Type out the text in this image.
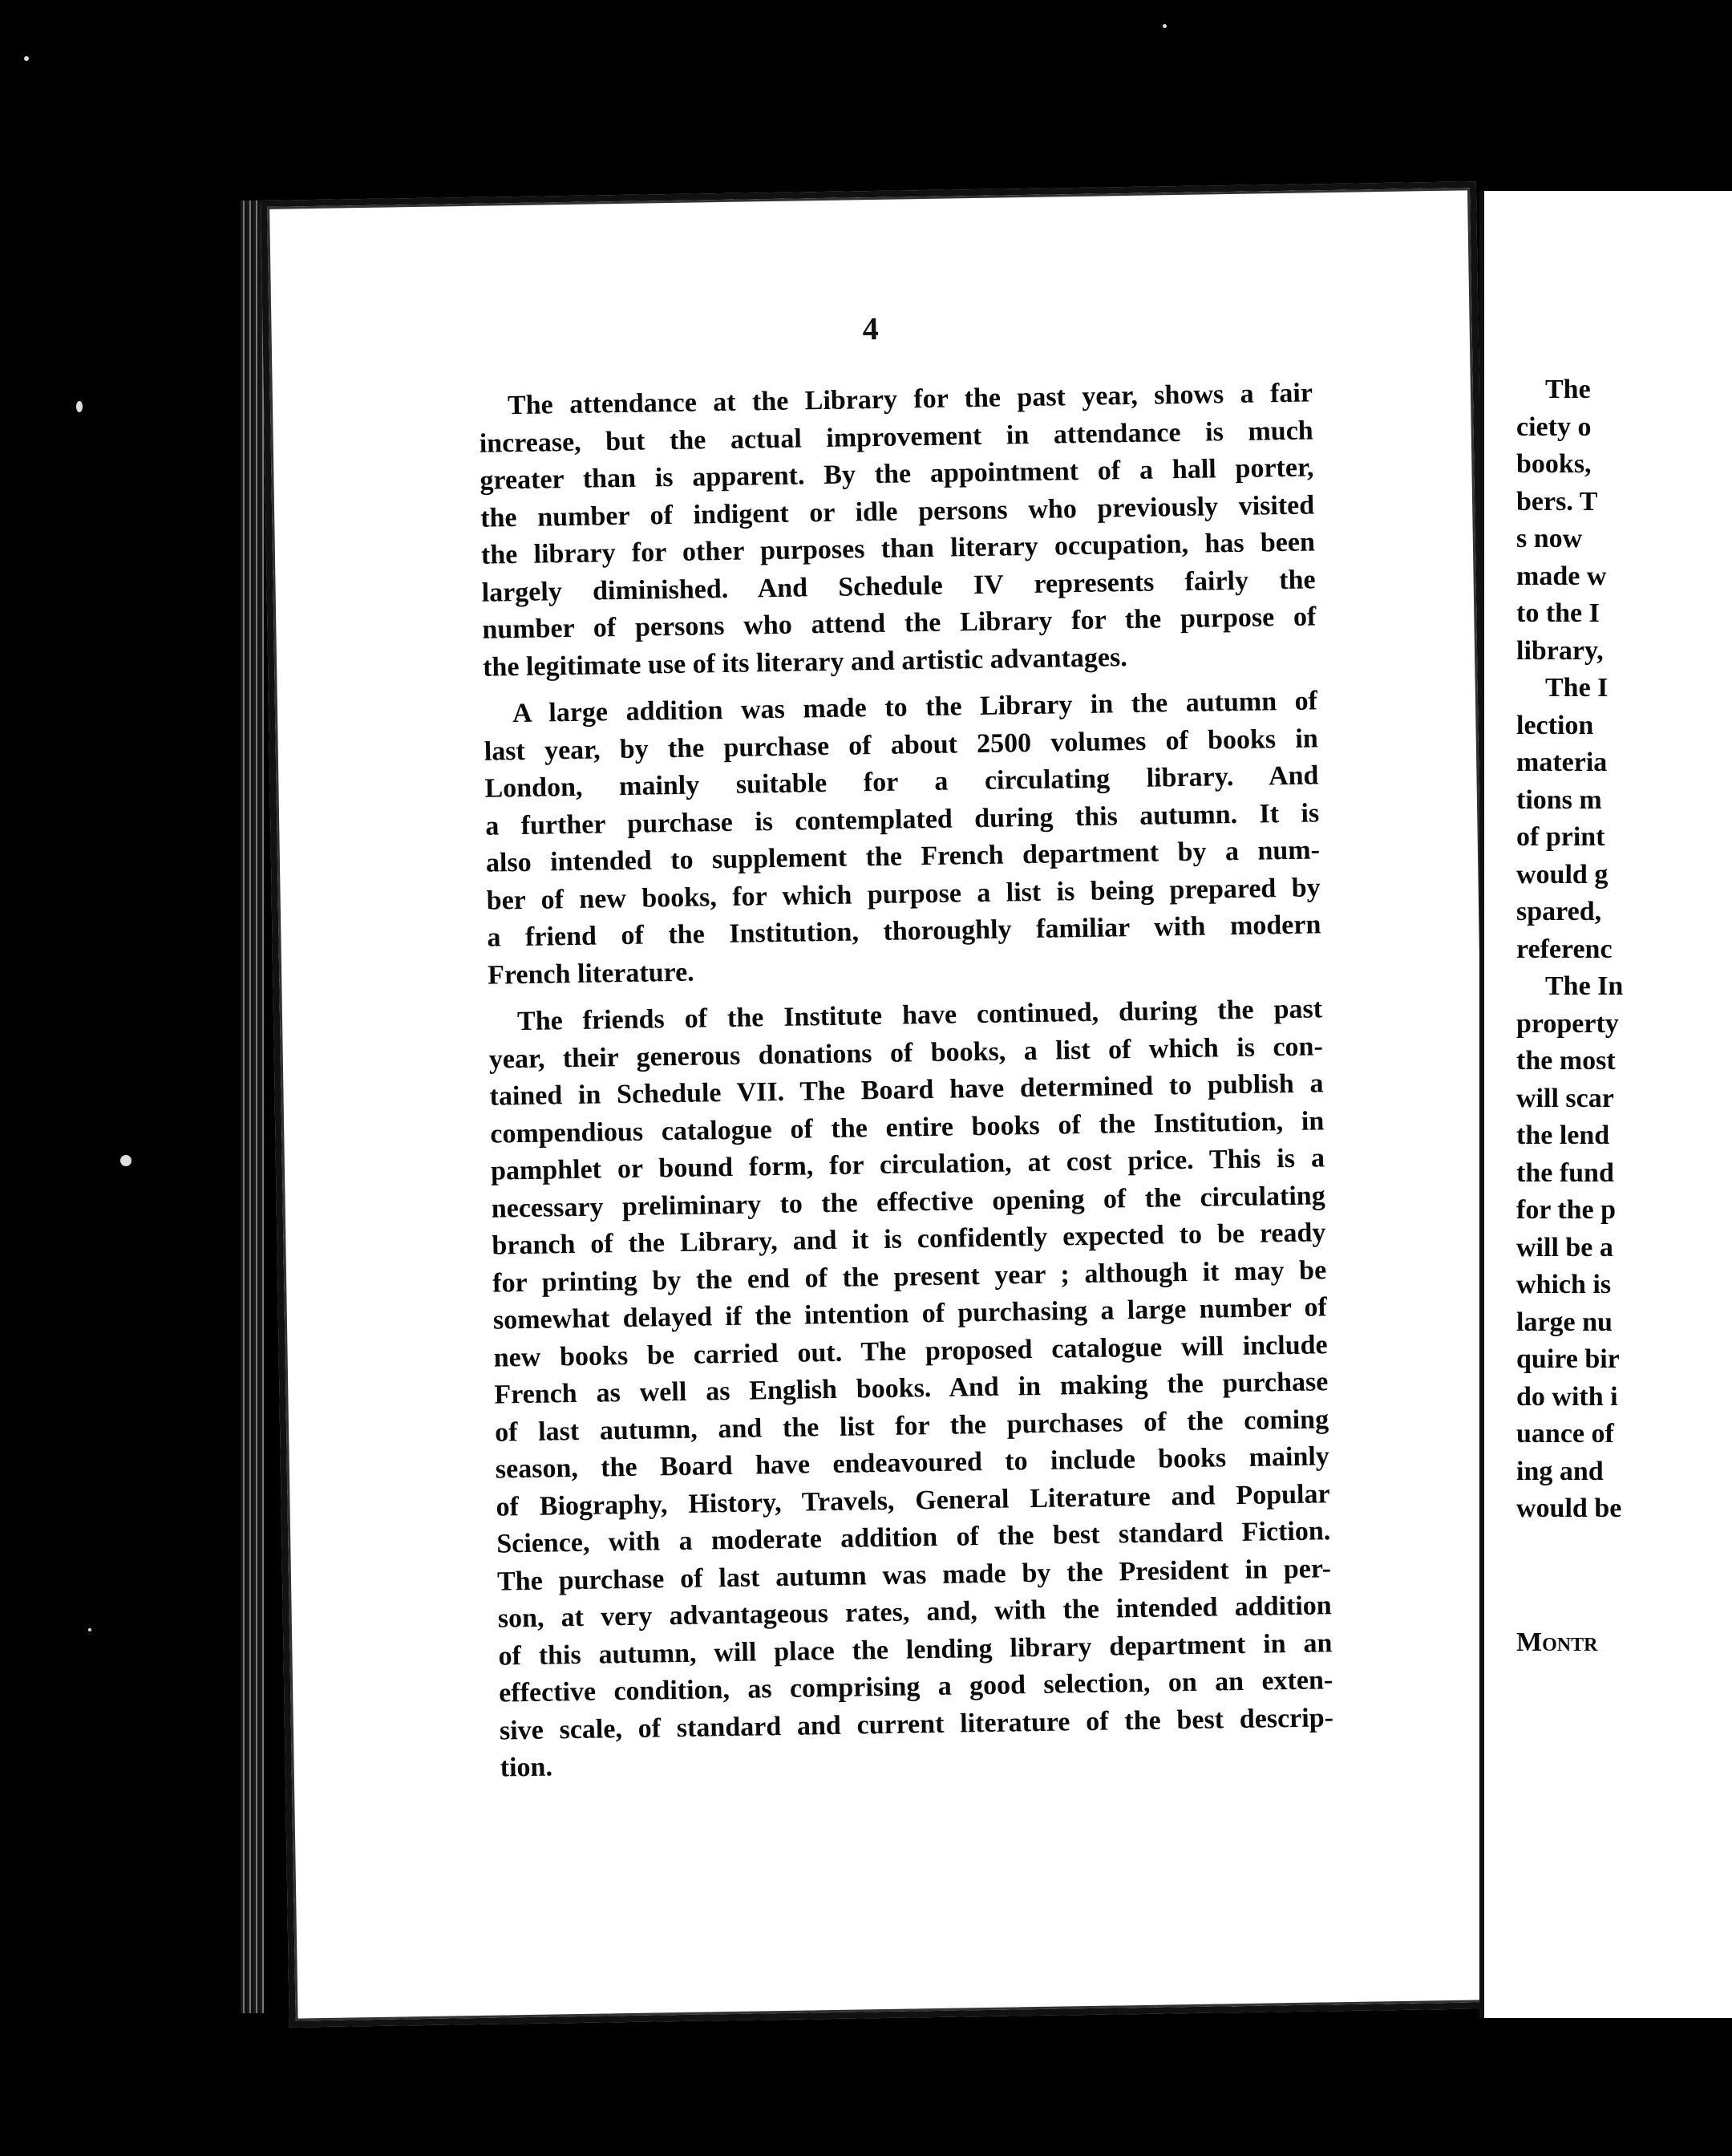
4
The attendance at the Library for the past year, shows a fair
increase, but the actual improvement in attendance is much
greater than is apparent. By the appointment of a hall porter,
the number of indigent or idle persons who previously visited
the library for other purposes than literary occupation, has been
largely diminished. And Schedule IV represents fairly the
number of persons who attend the Library for the purpose of
the legitimate use of its literary and artistic advantages.
A large addition was made to the Library in the autumn of
last year, by the purchase of about 2500 volumes of books in
London, mainly suitable for a circulating library. And
a further purchase is contemplated during this autumn. It is
also intended to supplement the French department by a num-
ber of new books, for which purpose a list is being prepared by
a friend of the Institution, thoroughly familiar with modern
French literature.
The friends of the Institute have continued, during the past
year, their generous donations of books, a list of which is con-
tained in Schedule VII. The Board have determined to publish a
compendious catalogue of the entire books of the Institution, in
pamphlet or bound form, for circulation, at cost price. This is a
necessary preliminary to the effective opening of the circulating
branch of the Library, and it is confidently expected to be ready
for printing by the end of the present year ; although it may be
somewhat delayed if the intention of purchasing a large number of
new books be carried out. The proposed catalogue will include
French as well as English books. And in making the purchase
of last autumn, and the list for the purchases of the coming
season, the Board have endeavoured to include books mainly
of Biography, History, Travels, General Literature and Popular
Science, with a moderate addition of the best standard Fiction.
The purchase of last autumn was made by the President in per-
son, at very advantageous rates, and, with the intended addition
of this autumn, will place the lending library department in an
effective condition, as comprising a good selection, on an exten-
sive scale, of standard and current literature of the best descrip-
tion.
The
ciety o
books,
bers. T
s now
made w
to the I
library,
The I
lection
materia
tions m
of print
would g
spared,
referenc
The In
property
the most
will scar
the lend
the fund
for the p
will be a
which is
large nu
quire bir
do with i
uance of
ing and
would be
Montr
